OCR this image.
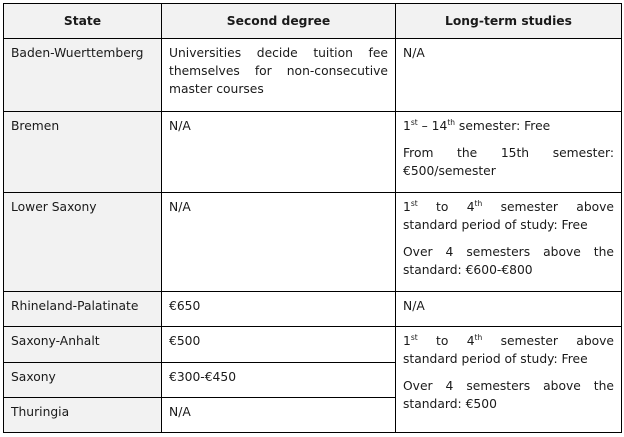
State	Second degree	Long-term studies
Baden-Wuerttemberg	Universities decide tuition fee themselves for non-consecutive master courses	N/A
Bremen	N/A	1st – 14th semester: Free
From the 15th semester: €500/semester

Lower Saxony	N/A	1st to 4th semester above standard period of study: Free
Over 4 semesters above the standard: €600-€800

Rhineland-Palatinate	€650	N/A
Saxony-Anhalt	€500	1st to 4th semester above standard period of study: Free
Over 4 semesters above the standard: €500

Saxony	€300-€450	
Thuringia	N/A	
